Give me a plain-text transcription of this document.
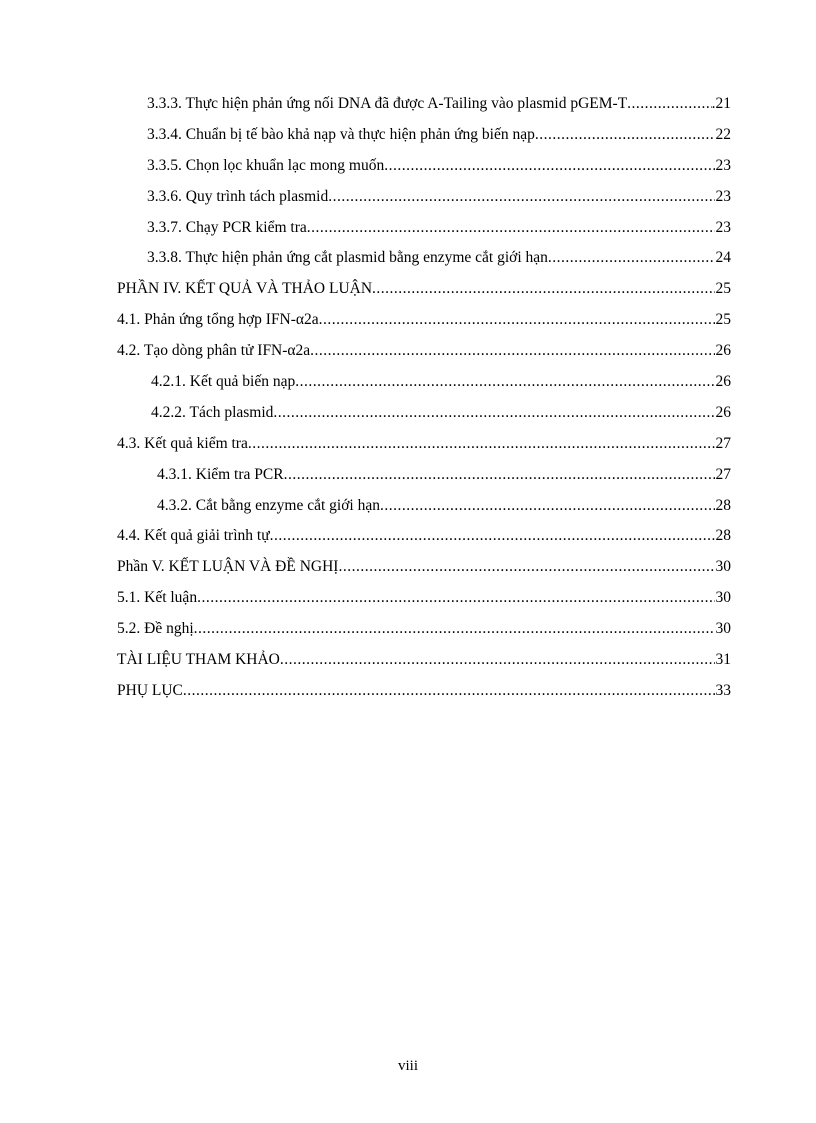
3.3.3. Thực hiện phản ứng nối DNA đã được A-Tailing vào plasmid pGEM-T .....	.21
3.3.4. Chuẩn bị tế bào khả nạp và thực hiện phản ứng biến nạp .....	22
3.3.5. Chọn lọc khuẩn lạc mong muốn .....	23
3.3.6. Quy trình tách plasmid .....	23
3.3.7. Chạy PCR kiểm tra .....	23
3.3.8. Thực hiện phản ứng cắt plasmid bằng enzyme cắt giới hạn .....	24
PHẦN IV. KẾT QUẢ VÀ THẢO LUẬN .....	25
4.1. Phản ứng tổng hợp IFN-α2a .....	25
4.2. Tạo dòng phân tử IFN-α2a .....	26
4.2.1. Kết quả biến nạp .....	26
4.2.2. Tách plasmid .....	26
4.3. Kết quả kiểm tra .....	27
4.3.1. Kiểm tra PCR .....	27
4.3.2. Cắt bằng enzyme cắt giới hạn .....	28
4.4. Kết quả giải trình tự .....	28
Phần V. KẾT LUẬN VÀ ĐỀ NGHỊ .....	30
5.1. Kết luận .....	30
5.2. Đề nghị .....	30
TÀI LIỆU THAM KHẢO .....	31
PHỤ LỤC .....	33
viii
